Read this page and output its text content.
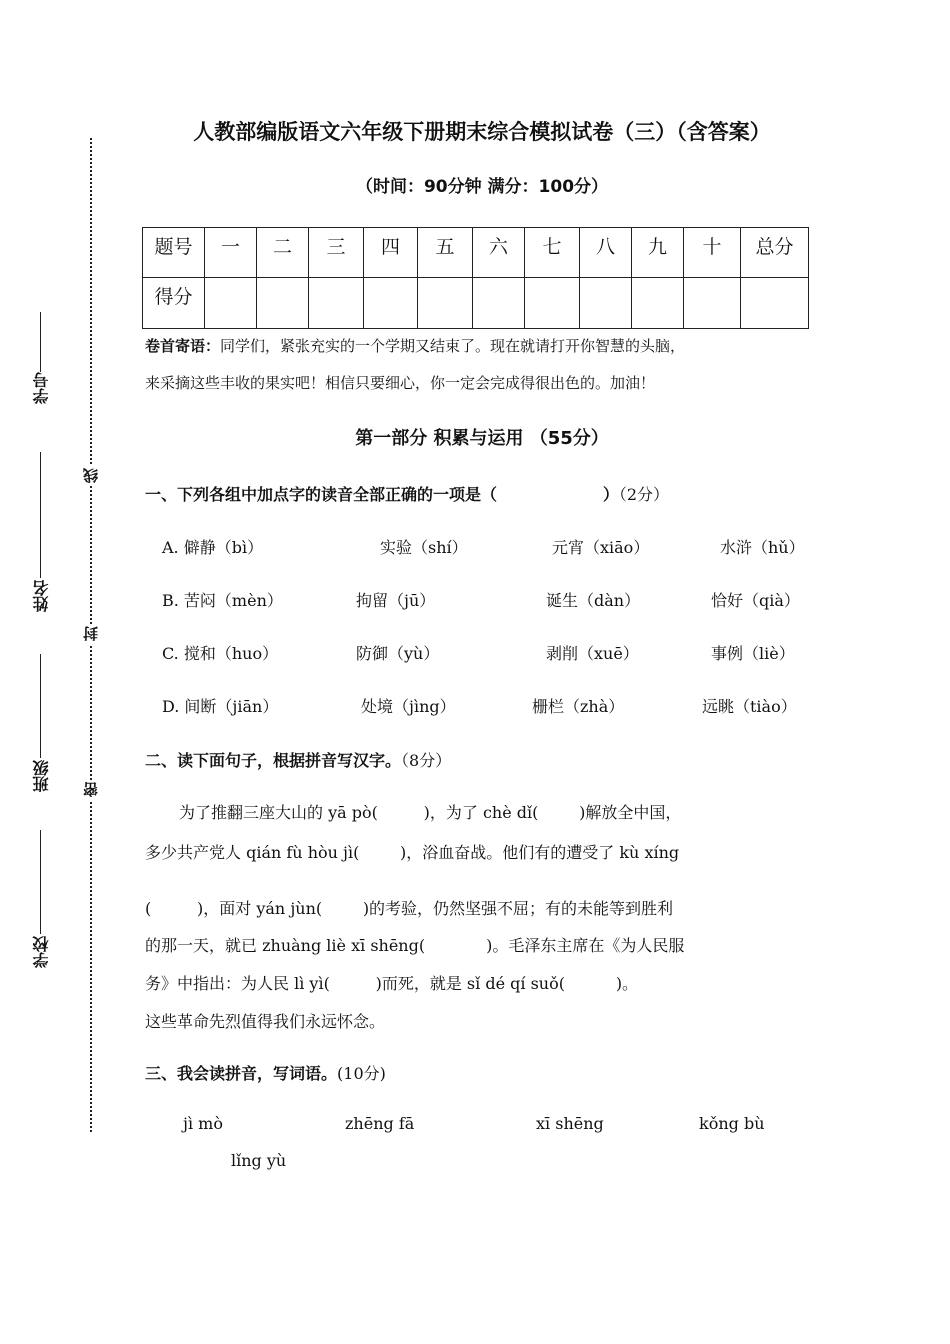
线
封
密
学号
姓名
班级
学校
人教部编版语文六年级下册期末综合模拟试卷（三）（含答案）
（时间：90分钟 满分：100分）
题号	一	二	三	四	五	六	七	八	九	十	总分
得分											
卷首寄语：同学们，紧张充实的一个学期又结束了。现在就请打开你智慧的头脑，
来采摘这些丰收的果实吧！相信只要细心，你一定会完成得很出色的。加油！
第一部分 积累与运用 （55分）
一、下列各组中加点字的读音全部正确的一项是（                   ）（2分）
A. 僻静（bì）	实验（shí）	元宵（xiāo）	水浒（hǔ）
B. 苦闷（mèn）	拘留（jū）	诞生（dàn）	恰好（qià）
C. 搅和（huo）	防御（yù）	剥削（xuē）	事例（liè）
D. 间断（jiān）	处境（jìng）	栅栏（zhà）	远眺（tiào）
二、读下面句子，根据拼音写汉字。（8分）
为了推翻三座大山的 yā pò(         )，为了 chè dǐ(        )解放全中国，
多少共产党人 qián fù hòu jì(        )，浴血奋战。他们有的遭受了 kù xíng
(         )，面对 yán jùn(        )的考验，仍然坚强不屈；有的未能等到胜利
的那一天，就已 zhuàng liè xī shēng(            )。毛泽东主席在《为人民服
务》中指出：为人民 lì yì(         )而死，就是 sǐ dé qí suǒ(          )。
这些革命先烈值得我们永远怀念。
三、我会读拼音，写词语。(10分)
jì mò	zhēng fā	xī shēng	kǒng bù
lǐng yù
